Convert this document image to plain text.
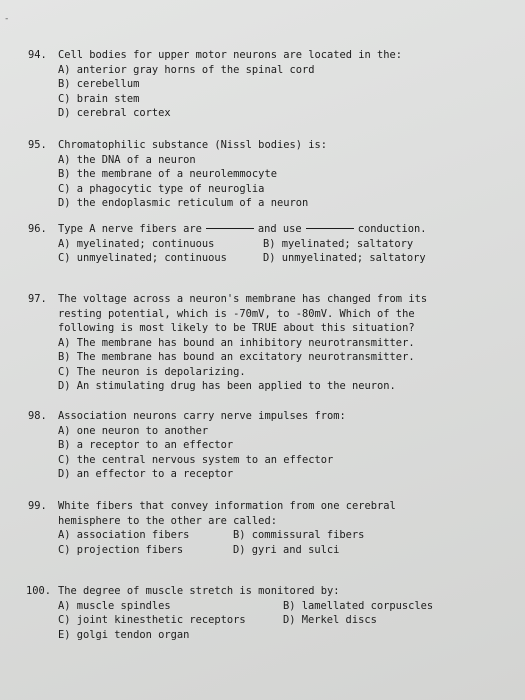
-
94.	Cell bodies for upper motor neurons are located in the:
A) anterior gray horns of the spinal cord
B) cerebellum
C) brain stem
D) cerebral cortex
95.	Chromatophilic substance (Nissl bodies) is:
A) the DNA of a neuron
B) the membrane of a neurolemmocyte
C) a phagocytic type of neuroglia
D) the endoplasmic reticulum of a neuron
96.	Type A nerve fibers are	and use	conduction.
A) myelinated; continuous	B) myelinated; saltatory
C) unmyelinated; continuous	D) unmyelinated; saltatory
97.	The voltage across a neuron's membrane has changed from its
resting potential, which is -70mV, to -80mV. Which of the
following is most likely to be TRUE about this situation?
A) The membrane has bound an inhibitory neurotransmitter.
B) The membrane has bound an excitatory neurotransmitter.
C) The neuron is depolarizing.
D) An stimulating drug has been applied to the neuron.
98.	Association neurons carry nerve impulses from:
A) one neuron to another
B) a receptor to an effector
C) the central nervous system to an effector
D) an effector to a receptor
99.	White fibers that convey information from one cerebral
hemisphere to the other are called:
A) association fibers	B) commissural fibers
C) projection fibers	D) gyri and sulci
100. The degree of muscle stretch is monitored by:
A) muscle spindles	B) lamellated corpuscles
C) joint kinesthetic receptors	D) Merkel discs
E) golgi tendon organ
